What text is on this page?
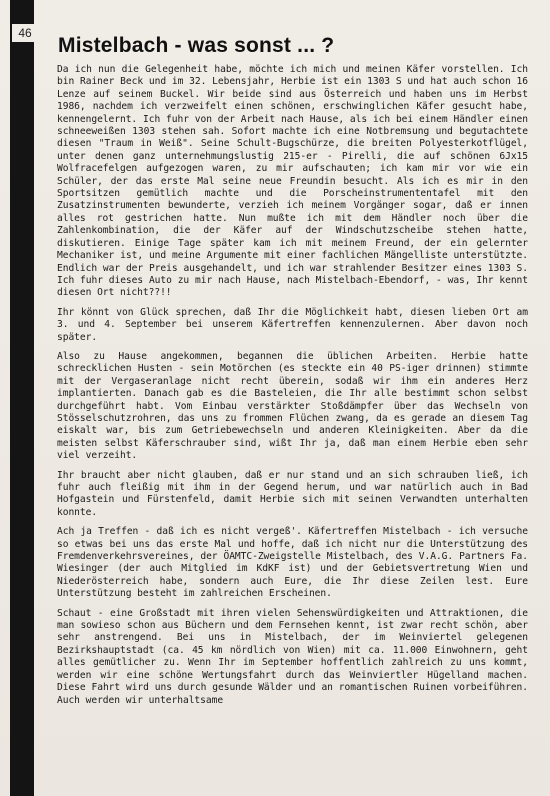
46
Mistelbach - was sonst ... ?

Da ich nun die Gelegenheit habe, möchte ich mich und meinen Käfer vorstellen. Ich bin Rainer Beck und im 32. Lebensjahr, Herbie ist ein 1303 S und hat auch schon 16 Lenze auf seinem Buckel. Wir beide sind aus Österreich und haben uns im Herbst 1986, nachdem ich verzweifelt einen schönen, erschwinglichen Käfer gesucht habe, kennengelernt. Ich fuhr von der Arbeit nach Hause, als ich bei einem Händler einen schneeweißen 1303 stehen sah. Sofort machte ich eine Notbremsung und begutachtete diesen "Traum in Weiß". Seine Schult-Bugschürze, die breiten Polyesterkotflügel, unter denen ganz unternehmungslustig 215-er - Pirelli, die auf schönen 6Jx15 Wolfracefelgen aufgezogen waren, zu mir aufschauten; ich kam mir vor wie ein Schüler, der das erste Mal seine neue Freundin besucht. Als ich es mir in den Sportsitzen gemütlich machte und die Porscheinstrumententafel mit den Zusatzinstrumenten bewunderte, verzieh ich meinem Vorgänger sogar, daß er innen alles rot gestrichen hatte. Nun mußte ich mit dem Händler noch über die Zahlenkombination, die der Käfer auf der Windschutzscheibe stehen hatte, diskutieren. Einige Tage später kam ich mit meinem Freund, der ein gelernter Mechaniker ist, und meine Argumente mit einer fachlichen Mängelliste unterstützte. Endlich war der Preis ausgehandelt, und ich war strahlender Besitzer eines 1303 S. Ich fuhr dieses Auto zu mir nach Hause, nach Mistelbach-Ebendorf, - was, Ihr kennt diesen Ort nicht??!!

Ihr könnt von Glück sprechen, daß Ihr die Möglichkeit habt, diesen lieben Ort am 3. und 4. September bei unserem Käfertreffen kennenzulernen. Aber davon noch später.

Also zu Hause angekommen, begannen die üblichen Arbeiten. Herbie hatte schrecklichen Husten - sein Motörchen (es steckte ein 40 PS-iger drinnen) stimmte mit der Vergaseranlage nicht recht überein, sodaß wir ihm ein anderes Herz implantierten. Danach gab es die Basteleien, die Ihr alle bestimmt schon selbst durchgeführt habt. Vom Einbau verstärkter Stoßdämpfer über das Wechseln von Stösselschutzrohren, das uns zu frommen Flüchen zwang, da es gerade an diesem Tag eiskalt war, bis zum Getriebewechseln und anderen Kleinigkeiten. Aber da die meisten selbst Käferschrauber sind, wißt Ihr ja, daß man einem Herbie eben sehr viel verzeiht.

Ihr braucht aber nicht glauben, daß er nur stand und an sich schrauben ließ, ich fuhr auch fleißig mit ihm in der Gegend herum, und war natürlich auch in Bad Hofgastein und Fürstenfeld, damit Herbie sich mit seinen Verwandten unterhalten konnte.

Ach ja Treffen - daß ich es nicht vergeß'. Käfertreffen Mistelbach - ich versuche so etwas bei uns das erste Mal und hoffe, daß ich nicht nur die Unterstützung des Fremdenverkehrsvereines, der ÖAMTC-Zweigstelle Mistelbach, des V.A.G. Partners Fa. Wiesinger (der auch Mitglied im KdKF ist) und der Gebietsvertretung Wien und Niederösterreich habe, sondern auch Eure, die Ihr diese Zeilen lest. Eure Unterstützung besteht im zahlreichen Erscheinen.

Schaut - eine Großstadt mit ihren vielen Sehenswürdigkeiten und Attraktionen, die man sowieso schon aus Büchern und dem Fernsehen kennt, ist zwar recht schön, aber sehr anstrengend. Bei uns in Mistelbach, der im Weinviertel gelegenen Bezirkshauptstadt (ca. 45 km nördlich von Wien) mit ca. 11.000 Einwohnern, geht alles gemütlicher zu. Wenn Ihr im September hoffentlich zahlreich zu uns kommt, werden wir eine schöne Wertungsfahrt durch das Weinviertler Hügelland machen. Diese Fahrt wird uns durch gesunde Wälder und an romantischen Ruinen vorbeiführen. Auch werden wir unterhaltsame
